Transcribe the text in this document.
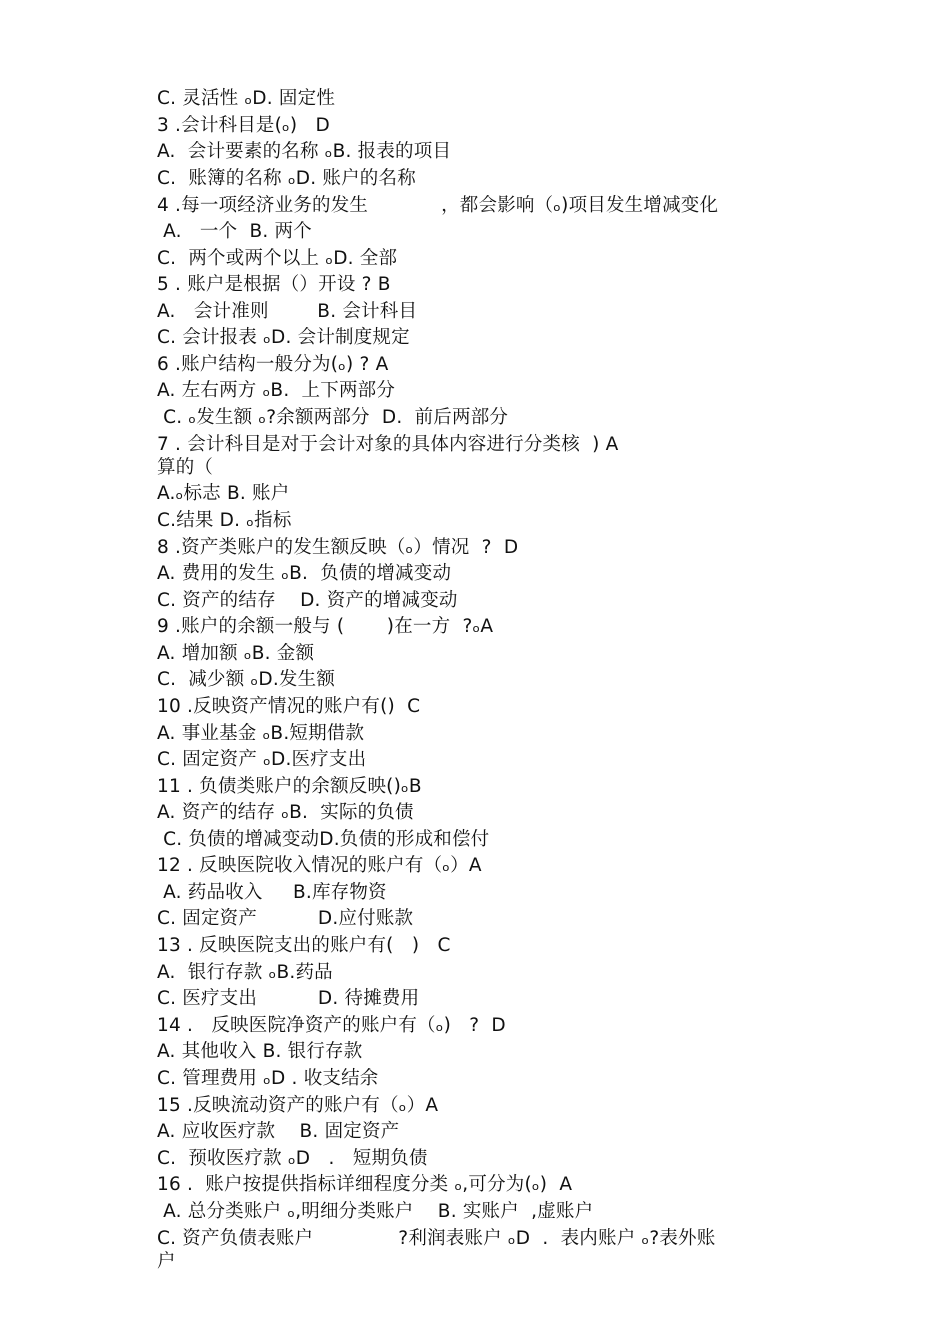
C. 灵活性 ₒD. 固定性
3 .会计科目是(ₒ)   D
A.  会计要素的名称 ₒB. 报表的项目
C.  账簿的名称 ₒD. 账户的名称
4 .每一项经济业务的发生            ，都会影响（ₒ)项目发生增减变化
A.   一个  B. 两个
C.  两个或两个以上 ₒD. 全部
5 . 账户是根据（）开设 ? B
A.   会计准则        B. 会计科目
C. 会计报表 ₒD. 会计制度规定
6 .账户结构一般分为(ₒ) ? A
A. 左右两方 ₒB.  上下两部分
C. ₒ发生额 ₒ?余额两部分  D.  前后两部分
7 . 会计科目是对于会计对象的具体内容进行分类核  ) A
算的（
A.ₒ标志 B. 账户
C.结果 D. ₒ指标
8 .资产类账户的发生额反映（ₒ）情况  ?  D
A. 费用的发生 ₒB.  负债的增减变动
C. 资产的结存    D. 资产的增减变动
9 .账户的余额一般与 (       )在一方  ?ₒA
A. 增加额 ₒB. 金额
C.  减少额 ₒD.发生额
10 .反映资产情况的账户有()  C
A. 事业基金 ₒB.短期借款
C. 固定资产 ₒD.医疗支出
11 . 负债类账户的余额反映()ₒB
A. 资产的结存 ₒB.  实际的负债
C. 负债的增减变动D.负债的形成和偿付
12 . 反映医院收入情况的账户有（ₒ）A
A. 药品收入     B.库存物资
C. 固定资产          D.应付账款
13 . 反映医院支出的账户有(   )   C
A.  银行存款 ₒB.药品
C. 医疗支出          D. 待摊费用
14 .   反映医院净资产的账户有（ₒ)   ?  D
A. 其他收入 B. 银行存款
C. 管理费用 ₒD . 收支结余
15 .反映流动资产的账户有（ₒ）A
A. 应收医疗款    B. 固定资产
C.  预收医疗款 ₒD   .   短期负债
16 .  账户按提供指标详细程度分类 ₒ,可分为(ₒ)  A
A. 总分类账户 ₒ,明细分类账户    B. 实账户  ,虚账户
C. 资产负债表账户              ?利润表账户 ₒD  .  表内账户 ₒ?表外账
户
